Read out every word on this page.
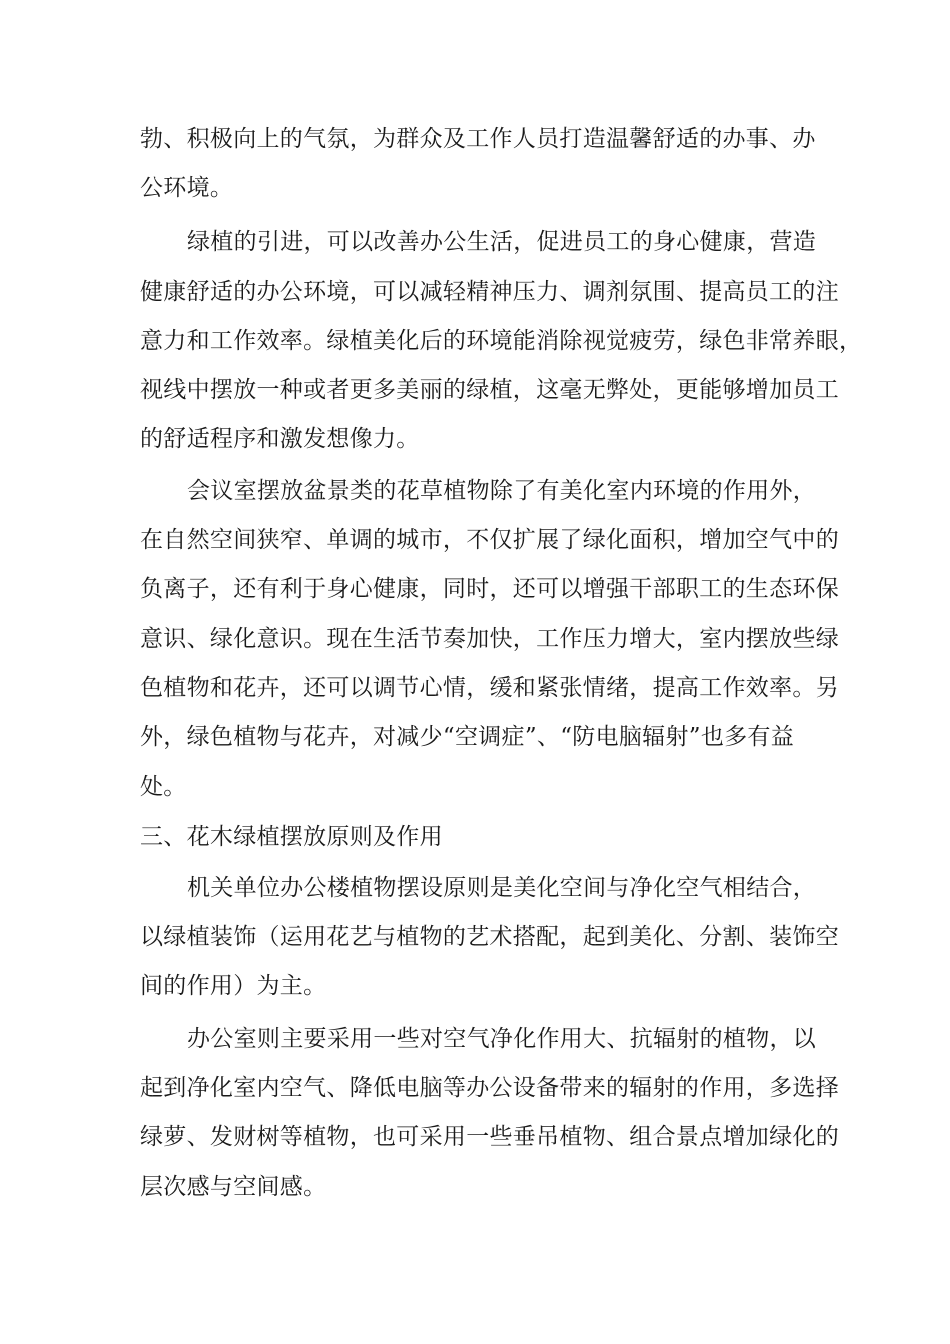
勃、积极向上的气氛，为群众及工作人员打造温馨舒适的办事、办
公环境。
绿植的引进，可以改善办公生活，促进员工的身心健康，营造
健康舒适的办公环境，可以减轻精神压力、调剂氛围、提高员工的注
意力和工作效率。绿植美化后的环境能消除视觉疲劳，绿色非常养眼，
视线中摆放一种或者更多美丽的绿植，这毫无弊处，更能够增加员工
的舒适程序和激发想像力。
会议室摆放盆景类的花草植物除了有美化室内环境的作用外，
在自然空间狭窄、单调的城市，不仅扩展了绿化面积，增加空气中的
负离子，还有利于身心健康，同时，还可以增强干部职工的生态环保
意识、绿化意识。现在生活节奏加快，工作压力增大，室内摆放些绿
色植物和花卉，还可以调节心情，缓和紧张情绪，提高工作效率。另
外，绿色植物与花卉，对减少“空调症”、“防电脑辐射”也多有益
处。
三、花木绿植摆放原则及作用
机关单位办公楼植物摆设原则是美化空间与净化空气相结合，
以绿植装饰（运用花艺与植物的艺术搭配，起到美化、分割、装饰空
间的作用）为主。
办公室则主要采用一些对空气净化作用大、抗辐射的植物，以
起到净化室内空气、降低电脑等办公设备带来的辐射的作用，多选择
绿萝、发财树等植物，也可采用一些垂吊植物、组合景点增加绿化的
层次感与空间感。
